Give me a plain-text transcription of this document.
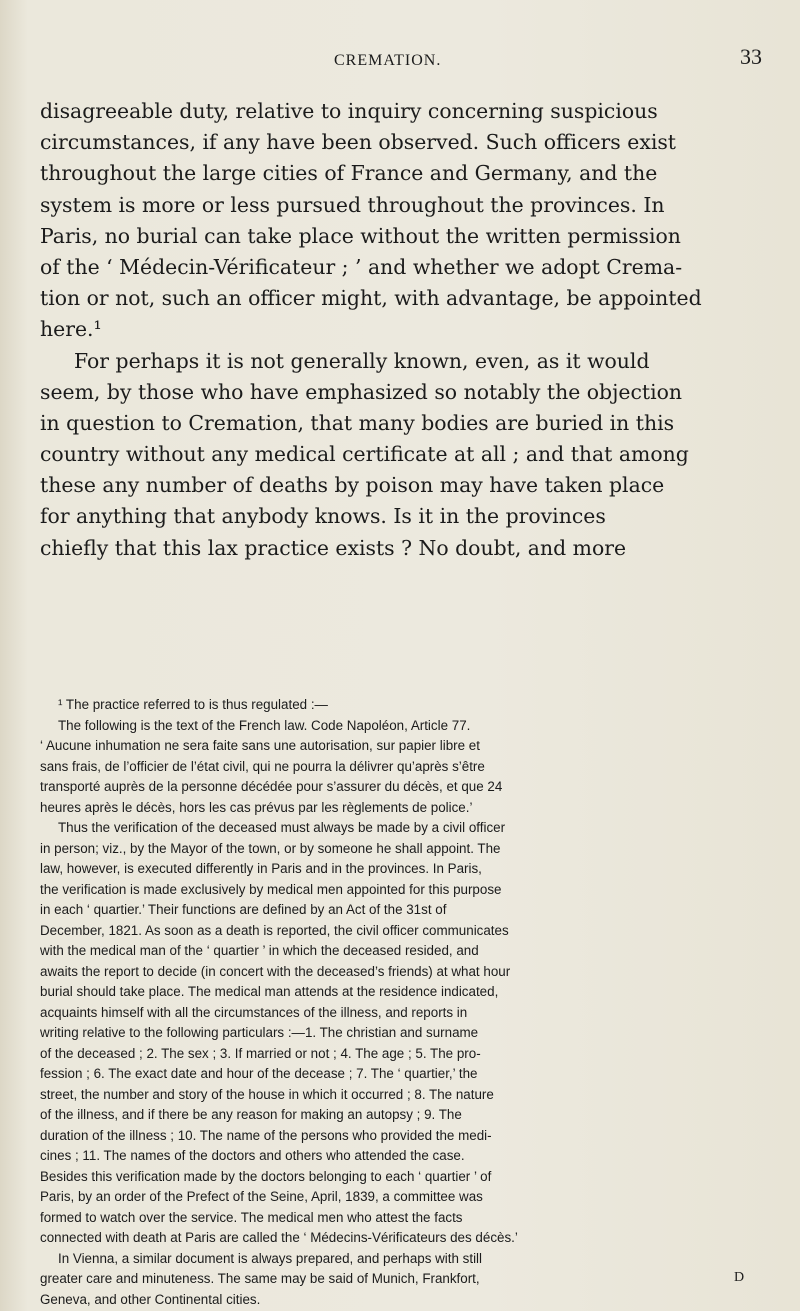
CREMATION.	33
disagreeable duty, relative to inquiry concerning suspicious
circumstances, if any have been observed. Such officers exist
throughout the large cities of France and Germany, and the
system is more or less pursued throughout the provinces. In
Paris, no burial can take place without the written permission
of the ‘ Médecin-Vérificateur ; ’ and whether we adopt Crema-
tion or not, such an officer might, with advantage, be appointed
here.¹
For perhaps it is not generally known, even, as it would
seem, by those who have emphasized so notably the objection
in question to Cremation, that many bodies are buried in this
country without any medical certificate at all ; and that among
these any number of deaths by poison may have taken place
for anything that anybody knows. Is it in the provinces
chiefly that this lax practice exists ? No doubt, and more
¹ The practice referred to is thus regulated :—
The following is the text of the French law. Code Napoléon, Article 77.
‘ Aucune inhumation ne sera faite sans une autorisation, sur papier libre et
sans frais, de l’officier de l’état civil, qui ne pourra la délivrer qu’après s’être
transporté auprès de la personne décédée pour s’assurer du décès, et que 24
heures après le décès, hors les cas prévus par les règlements de police.’
Thus the verification of the deceased must always be made by a civil officer
in person; viz., by the Mayor of the town, or by someone he shall appoint. The
law, however, is executed differently in Paris and in the provinces. In Paris,
the verification is made exclusively by medical men appointed for this purpose
in each ‘ quartier.’ Their functions are defined by an Act of the 31st of
December, 1821. As soon as a death is reported, the civil officer communicates
with the medical man of the ‘ quartier ’ in which the deceased resided, and
awaits the report to decide (in concert with the deceased’s friends) at what hour
burial should take place. The medical man attends at the residence indicated,
acquaints himself with all the circumstances of the illness, and reports in
writing relative to the following particulars :—1. The christian and surname
of the deceased ; 2. The sex ; 3. If married or not ; 4. The age ; 5. The pro-
fession ; 6. The exact date and hour of the decease ; 7. The ‘ quartier,’ the
street, the number and story of the house in which it occurred ; 8. The nature
of the illness, and if there be any reason for making an autopsy ; 9. The
duration of the illness ; 10. The name of the persons who provided the medi-
cines ; 11. The names of the doctors and others who attended the case.
Besides this verification made by the doctors belonging to each ‘ quartier ’ of
Paris, by an order of the Prefect of the Seine, April, 1839, a committee was
formed to watch over the service. The medical men who attest the facts
connected with death at Paris are called the ‘ Médecins-Vérificateurs des décès.’
In Vienna, a similar document is always prepared, and perhaps with still
greater care and minuteness. The same may be said of Munich, Frankfort,
Geneva, and other Continental cities.
D
